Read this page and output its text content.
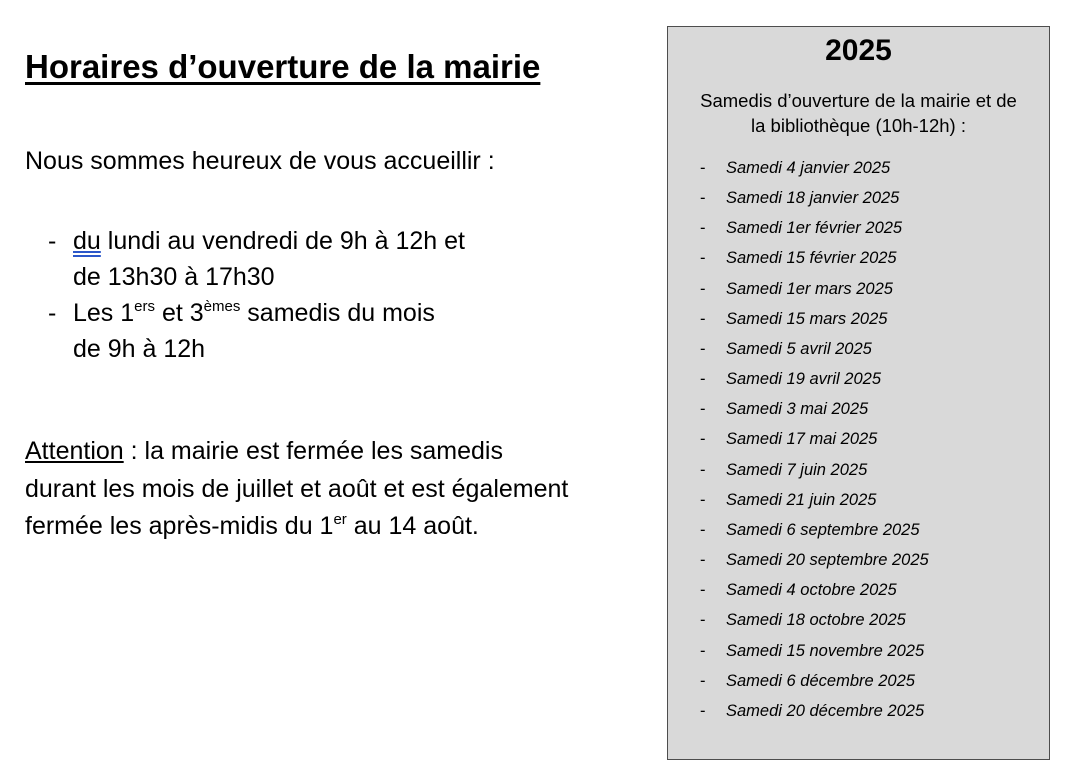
Horaires d’ouverture de la mairie

Nous sommes heureux de vous accueillir :

- du lundi au vendredi de 9h à 12h et
de 13h30 à 17h30
- Les 1ers et 3èmes samedis du mois
de 9h à 12h

Attention : la mairie est fermée les samedis
durant les mois de juillet et août et est également
fermée les après-midis du 1er au 14 août.

2025
Samedis d’ouverture de la mairie et de
la bibliothèque (10h-12h) :
- Samedi 4 janvier 2025
- Samedi 18 janvier 2025
- Samedi 1er février 2025
- Samedi 15 février 2025
- Samedi 1er mars 2025
- Samedi 15 mars 2025
- Samedi 5 avril 2025
- Samedi 19 avril 2025
- Samedi 3 mai 2025
- Samedi 17 mai 2025
- Samedi 7 juin 2025
- Samedi 21 juin 2025
- Samedi 6 septembre 2025
- Samedi 20 septembre 2025
- Samedi 4 octobre 2025
- Samedi 18 octobre 2025
- Samedi 15 novembre 2025
- Samedi 6 décembre 2025
- Samedi 20 décembre 2025
